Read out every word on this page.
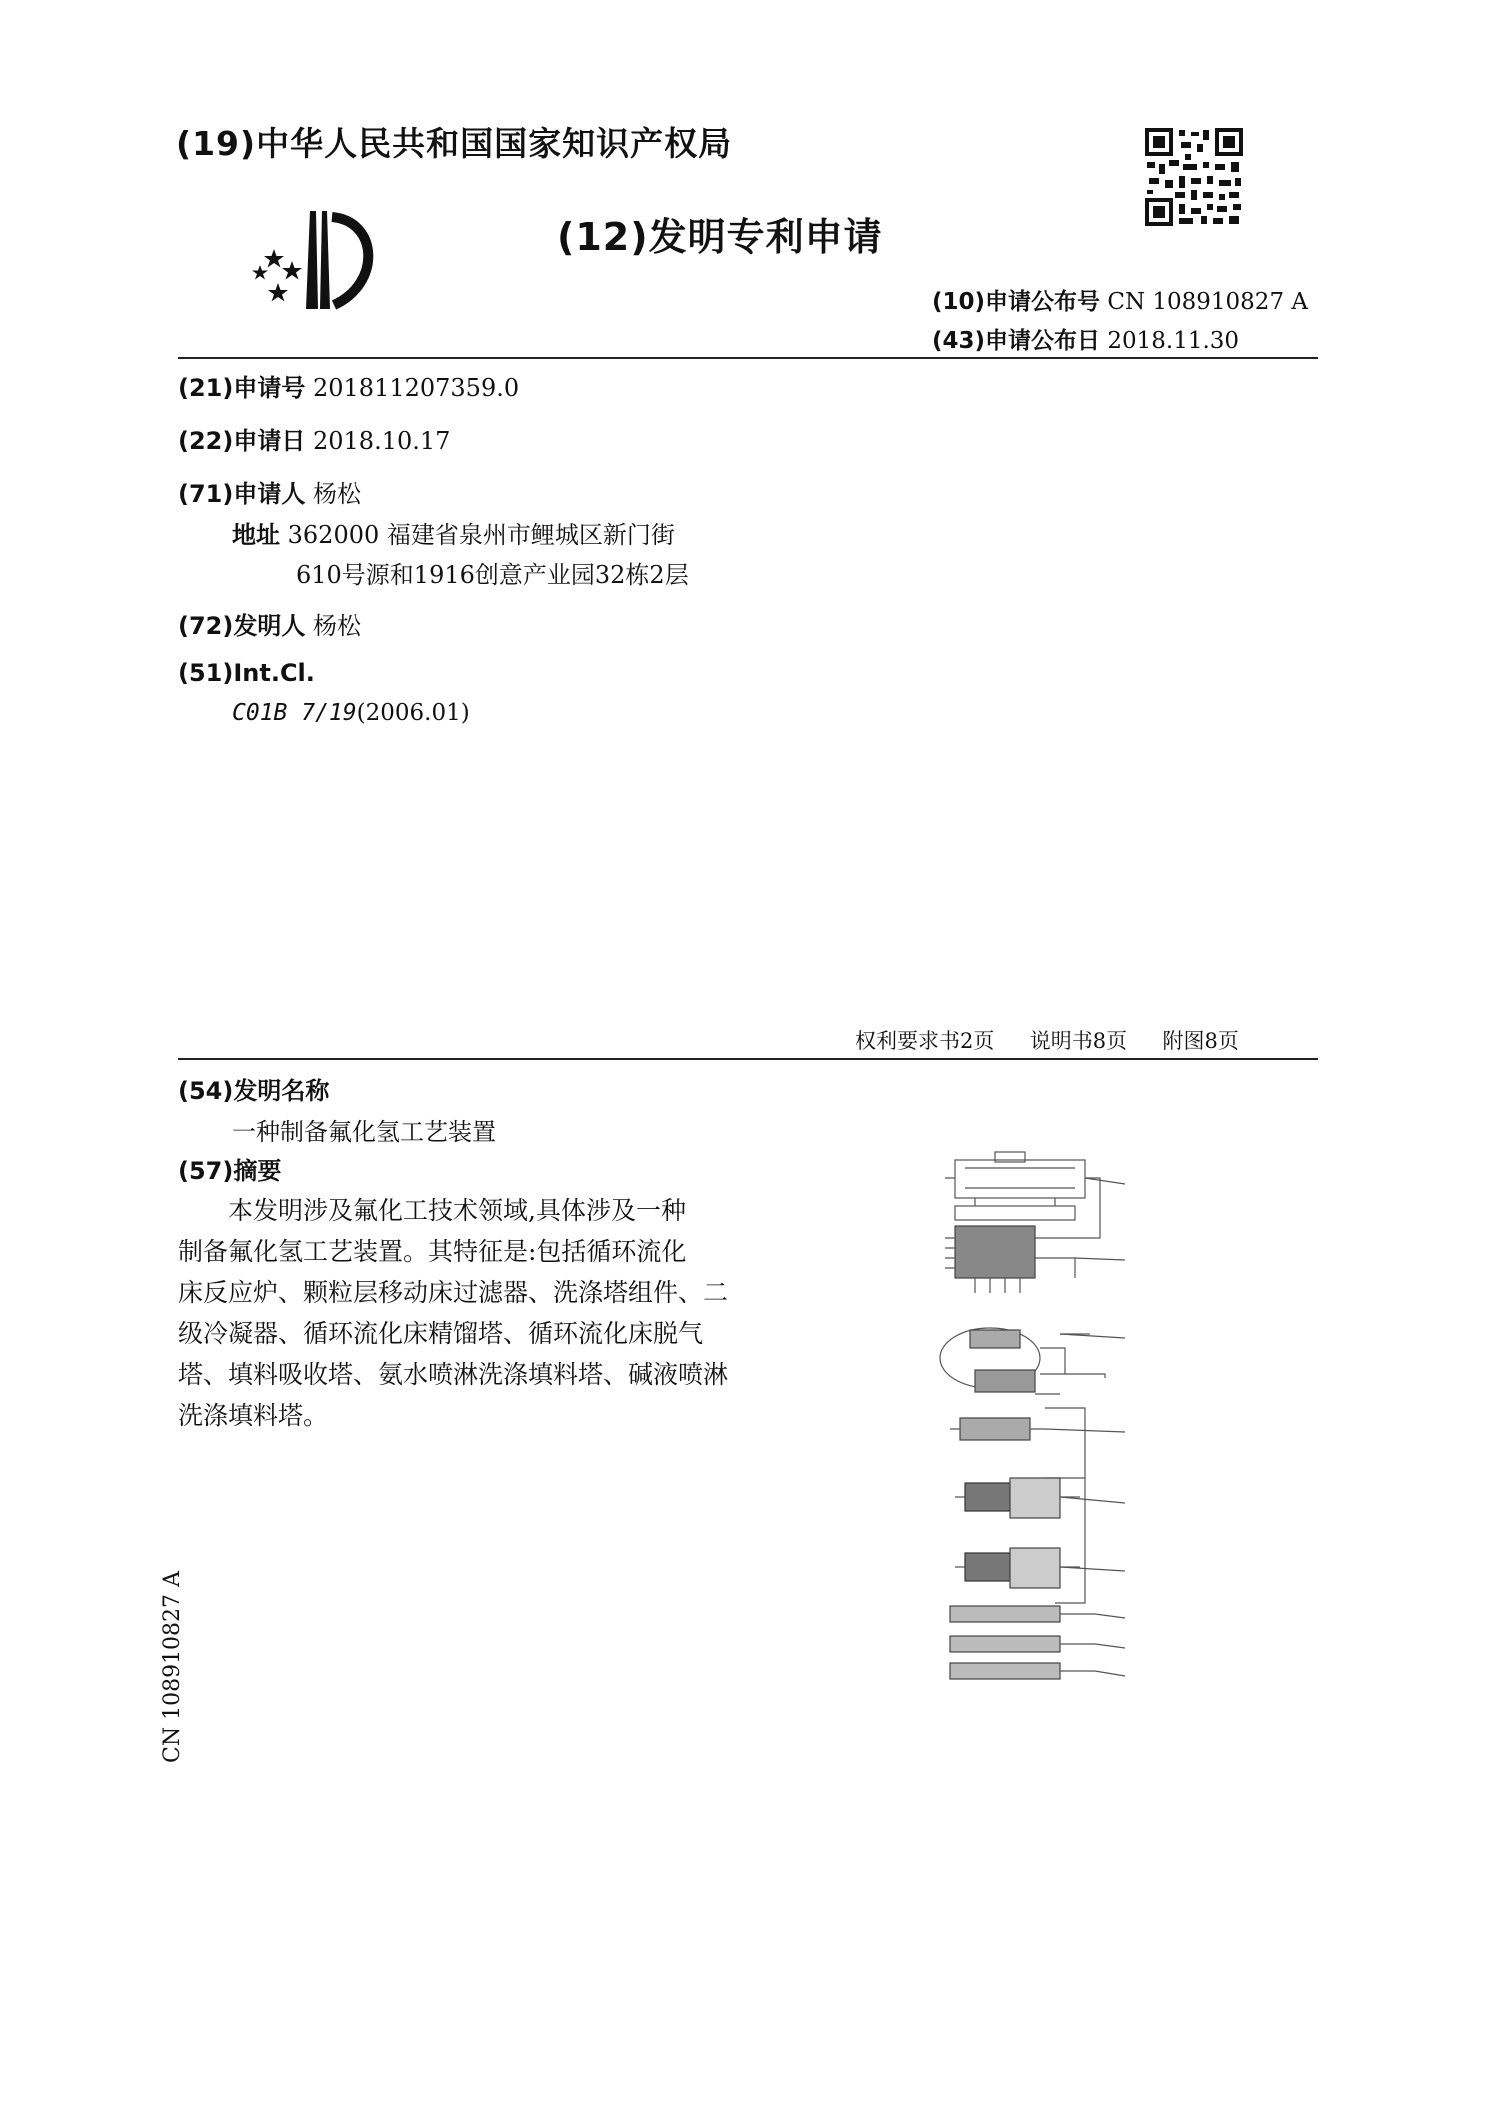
(19)中华人民共和国国家知识产权局
(12)发明专利申请
(10)申请公布号 CN 108910827 A
(43)申请公布日 2018.11.30
(21)申请号 201811207359.0
(22)申请日 2018.10.17
(71)申请人 杨松
地址 362000 福建省泉州市鲤城区新门街
610号源和1916创意产业园32栋2层
(72)发明人 杨松
(51)Int.Cl.
C01B 7/19(2006.01)
权利要求书2页 说明书8页 附图8页
(54)发明名称
一种制备氟化氢工艺装置
(57)摘要

本发明涉及氟化工技术领域,具体涉及一种

制备氟化氢工艺装置。其特征是:包括循环流化

床反应炉、颗粒层移动床过滤器、洗涤塔组件、二

级冷凝器、循环流化床精馏塔、循环流化床脱气

塔、填料吸收塔、氨水喷淋洗涤填料塔、碱液喷淋

洗涤填料塔。

CN 108910827 A
